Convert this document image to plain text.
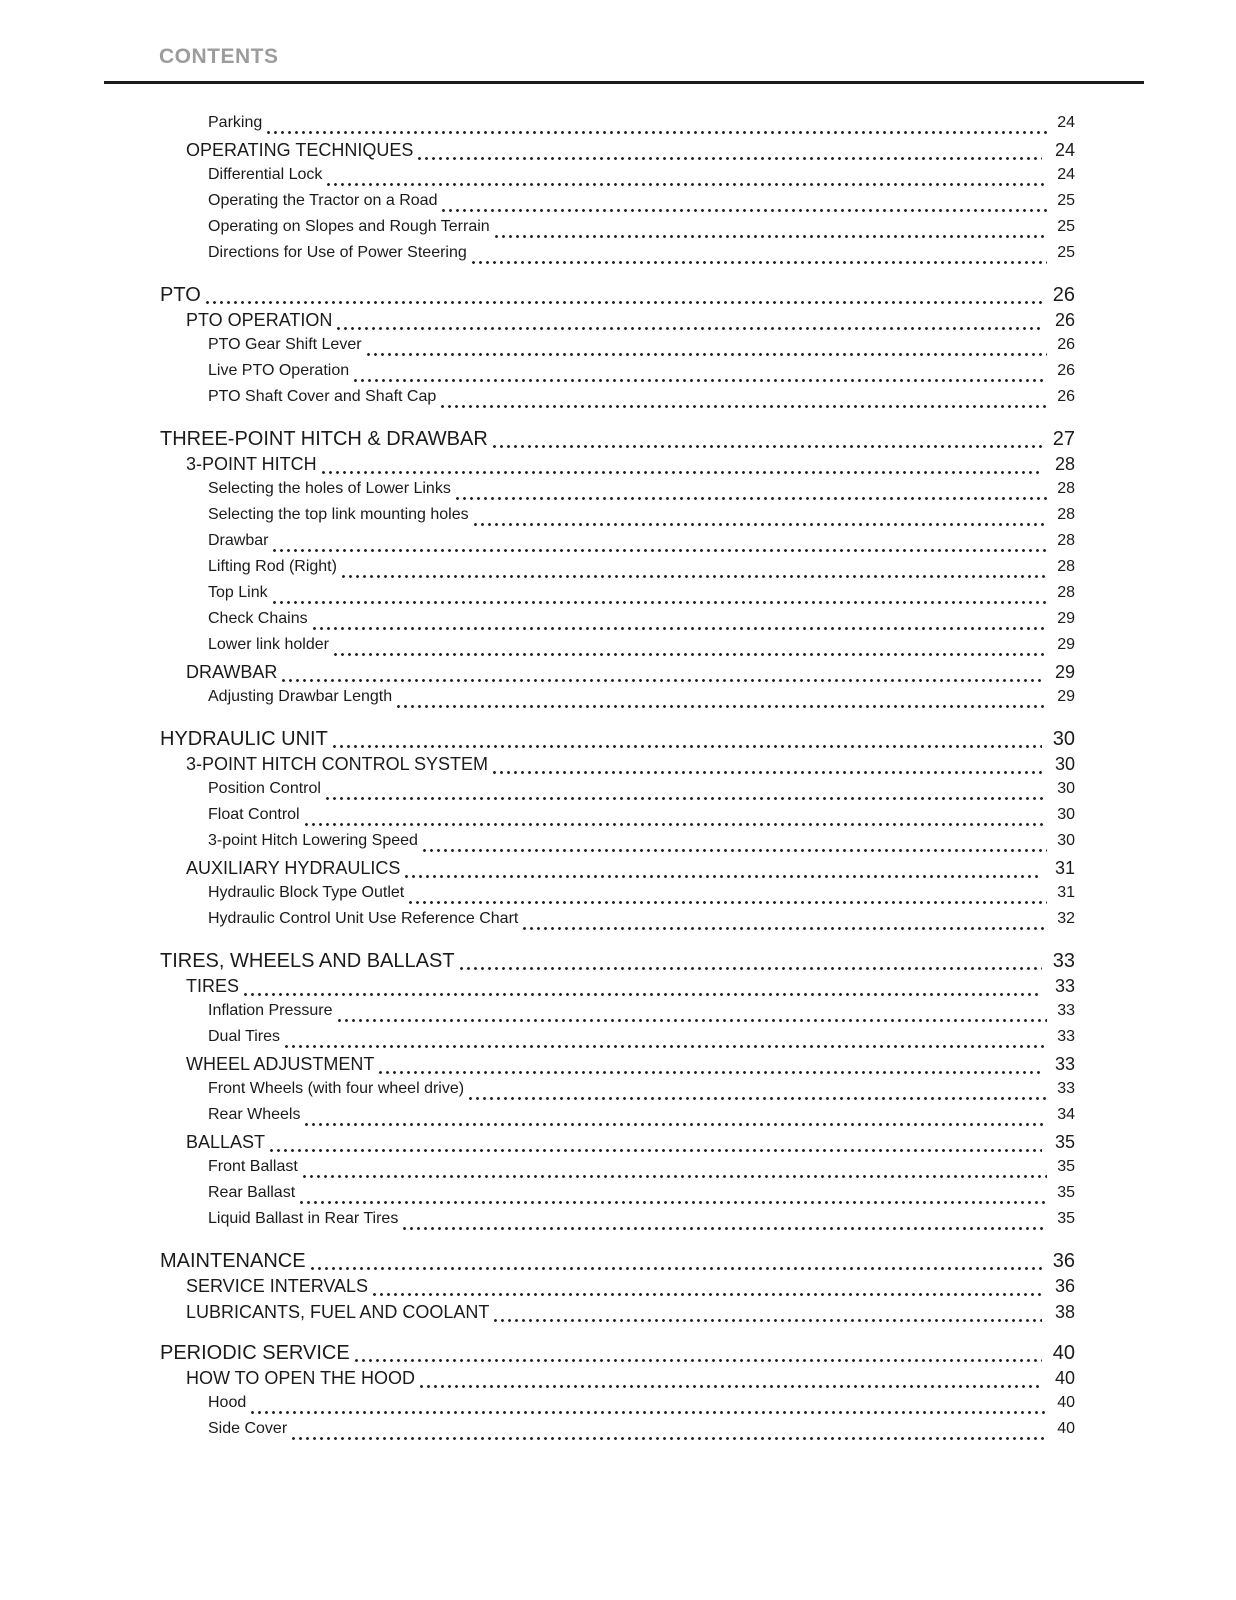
CONTENTS
Parking	24
OPERATING TECHNIQUES	24
Differential Lock	24
Operating the Tractor on a Road	25
Operating on Slopes and Rough Terrain	25
Directions for Use of Power Steering	25
PTO	26
PTO OPERATION	26
PTO Gear Shift Lever	26
Live PTO Operation	26
PTO Shaft Cover and Shaft Cap	26
THREE-POINT HITCH & DRAWBAR	27
3-POINT HITCH	28
Selecting the holes of Lower Links	28
Selecting the top link mounting holes	28
Drawbar	28
Lifting Rod (Right)	28
Top Link	28
Check Chains	29
Lower link holder	29
DRAWBAR	29
Adjusting Drawbar Length	29
HYDRAULIC UNIT	30
3-POINT HITCH CONTROL SYSTEM	30
Position Control	30
Float Control	30
3-point Hitch Lowering Speed	30
AUXILIARY HYDRAULICS	31
Hydraulic Block Type Outlet	31
Hydraulic Control Unit Use Reference Chart	32
TIRES, WHEELS AND BALLAST	33
TIRES	33
Inflation Pressure	33
Dual Tires	33
WHEEL ADJUSTMENT	33
Front Wheels (with four wheel drive)	33
Rear Wheels	34
BALLAST	35
Front Ballast	35
Rear Ballast	35
Liquid Ballast in Rear Tires	35
MAINTENANCE	36
SERVICE INTERVALS	36
LUBRICANTS, FUEL AND COOLANT	38
PERIODIC SERVICE	40
HOW TO OPEN THE HOOD	40
Hood	40
Side Cover	40
